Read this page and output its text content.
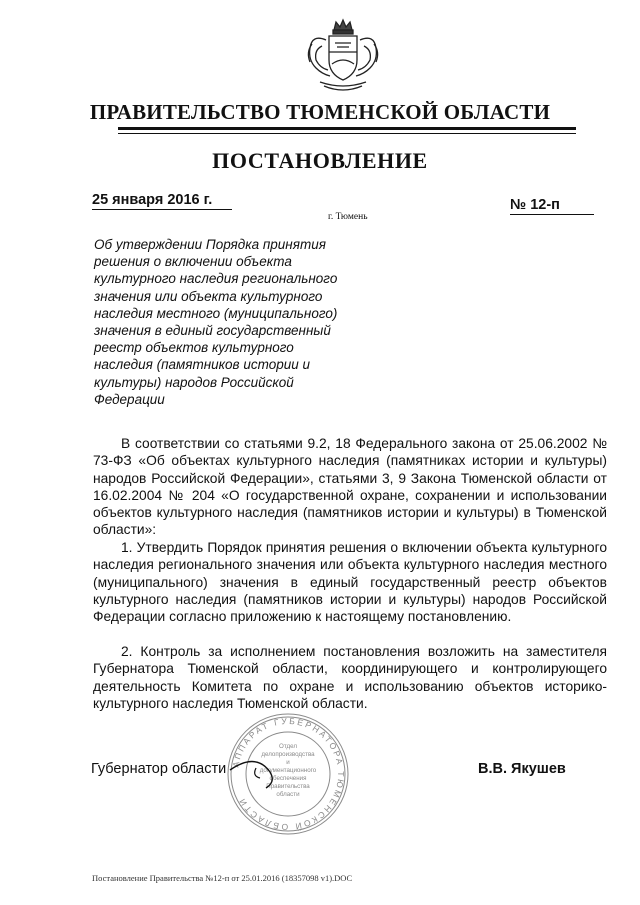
ПРАВИТЕЛЬСТВО ТЮМЕНСКОЙ ОБЛАСТИ
ПОСТАНОВЛЕНИЕ
25 января 2016 г.	№ 12-п
г. Тюмень
Об утверждении Порядка принятия
решения о включении объекта
культурного наследия регионального
значения или объекта культурного
наследия местного (муниципального)
значения в единый государственный
реестр объектов культурного
наследия (памятников истории и
культуры) народов Российской
Федерации
В соответствии со статьями 9.2, 18 Федерального закона от 25.06.2002 № 73-ФЗ «Об объектах культурного наследия (памятниках истории и культуры) народов Российской Федерации», статьями 3, 9 Закона Тюменской области от 16.02.2004 № 204 «О государственной охране, сохранении и использовании объектов культурного наследия (памятников истории и культуры) в Тюменской области»:
1. Утвердить Порядок принятия решения о включении объекта культурного наследия регионального значения или объекта культурного наследия местного (муниципального) значения в единый государственный реестр объектов культурного наследия (памятников истории и культуры) народов Российской Федерации согласно приложению к настоящему постановлению.
2. Контроль за исполнением постановления возложить на заместителя Губернатора Тюменской области, координирующего и контролирующего деятельность Комитета по охране и использованию объектов историко-культурного наследия Тюменской области.
АППАРАТ ГУБЕРНАТОРА ТЮМЕНСКОЙ ОБЛАСТИ
Отдел
делопроизводства
и
документационного
обеспечения
Правительства
области
Губернатор области	В.В. Якушев
Постановление Правительства №12-п от 25.01.2016 (18357098 v1).DOC
